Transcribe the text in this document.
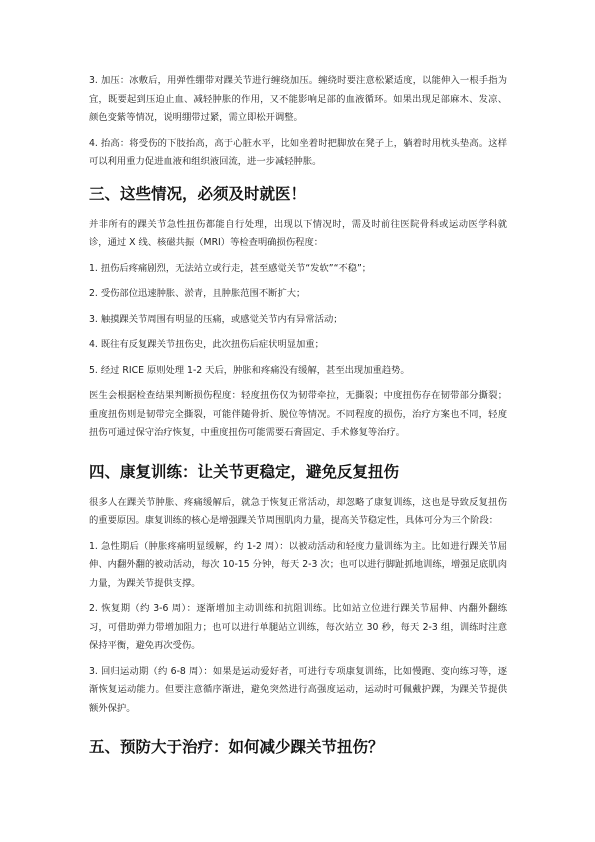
3. 加压：冰敷后，用弹性绷带对踝关节进行缠绕加压。缠绕时要注意松紧适度，以能伸入一根手指为宜，既要起到压迫止血、减轻肿胀的作用，又不能影响足部的血液循环。如果出现足部麻木、发凉、颜色变紫等情况，说明绷带过紧，需立即松开调整。

4. 抬高：将受伤的下肢抬高，高于心脏水平，比如坐着时把脚放在凳子上，躺着时用枕头垫高。这样可以利用重力促进血液和组织液回流，进一步减轻肿胀。

三、这些情况，必须及时就医！

并非所有的踝关节急性扭伤都能自行处理，出现以下情况时，需及时前往医院骨科或运动医学科就诊，通过 X 线、核磁共振（MRI）等检查明确损伤程度：

1. 扭伤后疼痛剧烈，无法站立或行走，甚至感觉关节“发软”“不稳”；

2. 受伤部位迅速肿胀、淤青，且肿胀范围不断扩大；

3. 触摸踝关节周围有明显的压痛，或感觉关节内有异常活动；

4. 既往有反复踝关节扭伤史，此次扭伤后症状明显加重；

5. 经过 RICE 原则处理 1-2 天后，肿胀和疼痛没有缓解，甚至出现加重趋势。

医生会根据检查结果判断损伤程度：轻度扭伤仅为韧带牵拉，无撕裂；中度扭伤存在韧带部分撕裂；重度扭伤则是韧带完全撕裂，可能伴随骨折、脱位等情况。不同程度的损伤，治疗方案也不同，轻度扭伤可通过保守治疗恢复，中重度扭伤可能需要石膏固定、手术修复等治疗。

四、康复训练：让关节更稳定，避免反复扭伤

很多人在踝关节肿胀、疼痛缓解后，就急于恢复正常活动，却忽略了康复训练，这也是导致反复扭伤的重要原因。康复训练的核心是增强踝关节周围肌肉力量，提高关节稳定性，具体可分为三个阶段：

1. 急性期后（肿胀疼痛明显缓解，约 1-2 周）：以被动活动和轻度力量训练为主。比如进行踝关节屈伸、内翻外翻的被动活动，每次 10-15 分钟，每天 2-3 次；也可以进行脚趾抓地训练，增强足底肌肉力量，为踝关节提供支撑。

2. 恢复期（约 3-6 周）：逐渐增加主动训练和抗阻训练。比如站立位进行踝关节屈伸、内翻外翻练习，可借助弹力带增加阻力；也可以进行单腿站立训练，每次站立 30 秒，每天 2-3 组，训练时注意保持平衡，避免再次受伤。

3. 回归运动期（约 6-8 周）：如果是运动爱好者，可进行专项康复训练，比如慢跑、变向练习等，逐渐恢复运动能力。但要注意循序渐进，避免突然进行高强度运动，运动时可佩戴护踝，为踝关节提供额外保护。

五、预防大于治疗：如何减少踝关节扭伤？
